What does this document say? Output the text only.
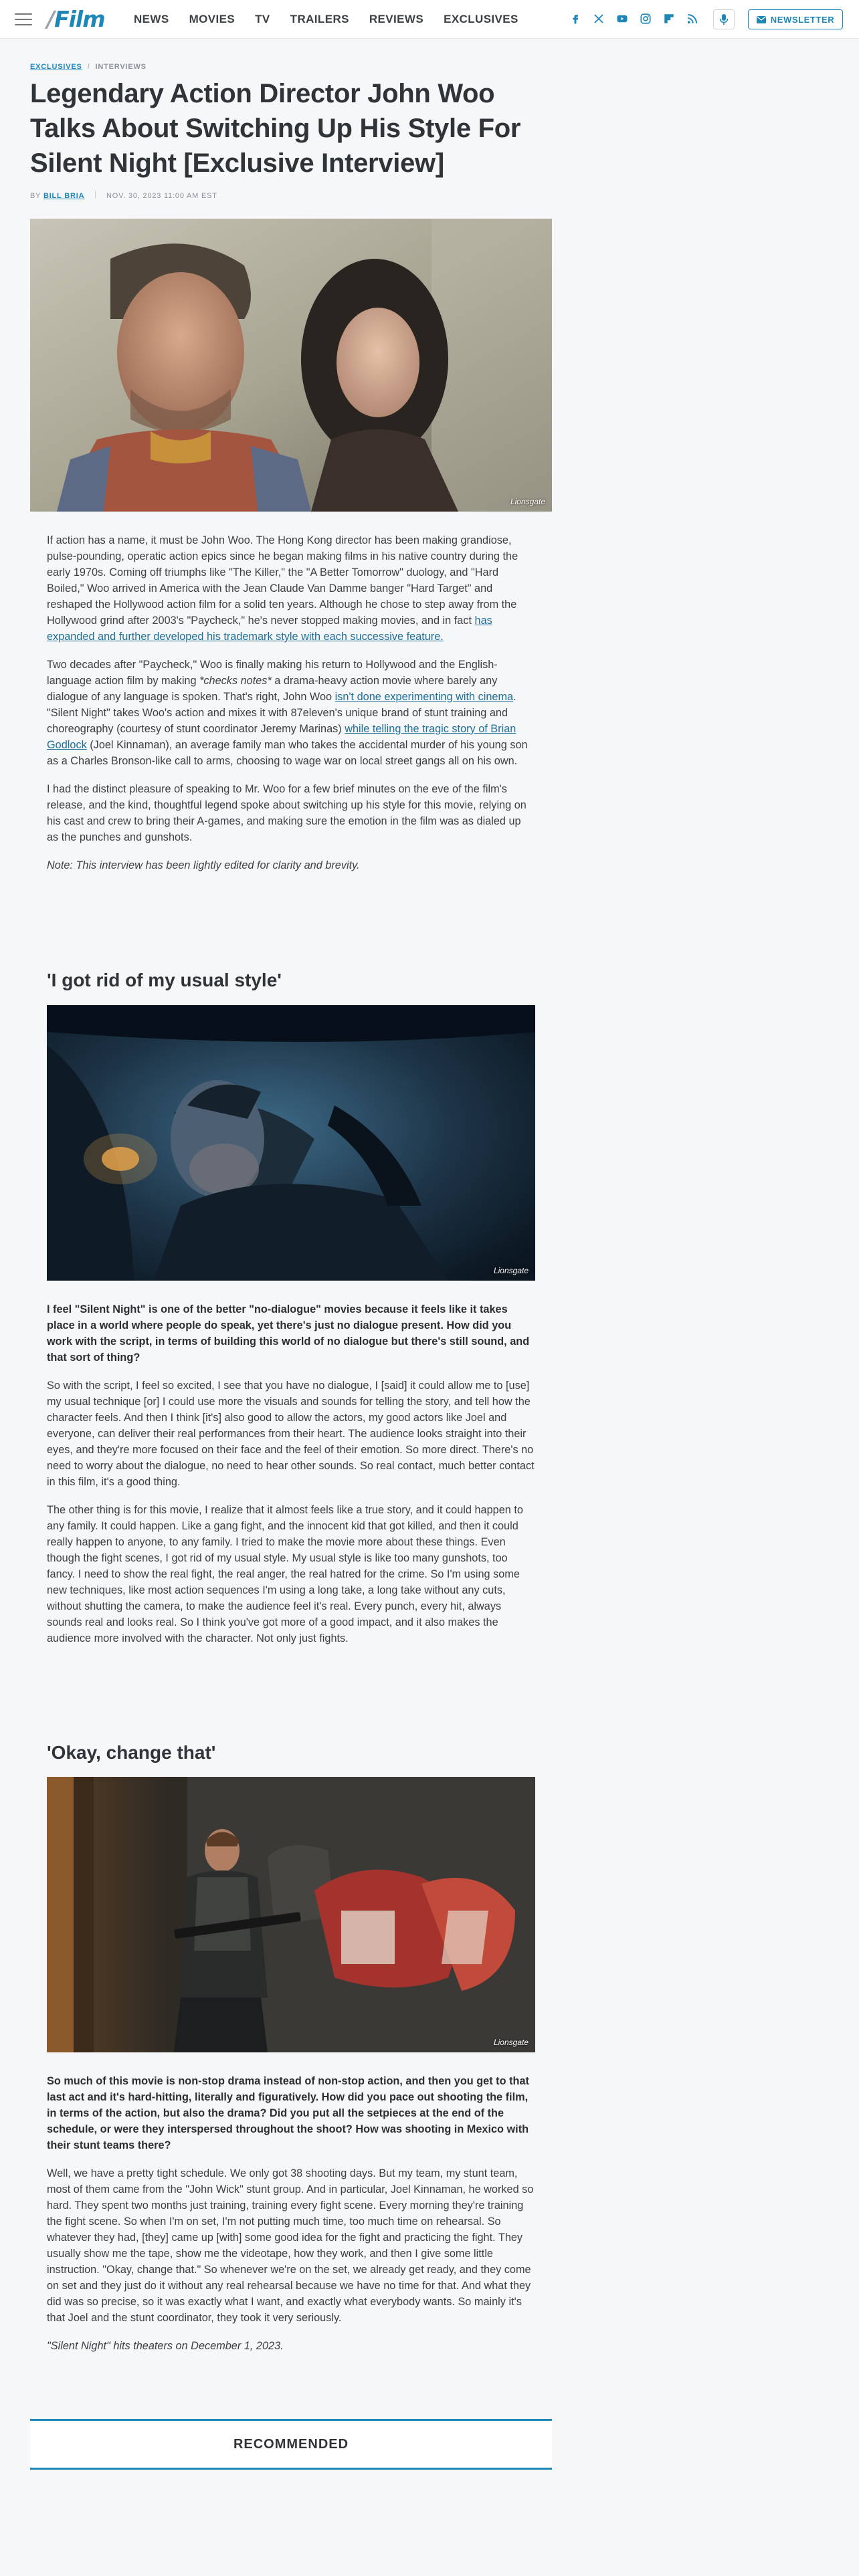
/Film	NEWS MOVIES TV TRAILERS REVIEWS EXCLUSIVES	NEWSLETTER
EXCLUSIVES / INTERVIEWS
Legendary Action Director John Woo Talks About Switching Up His Style For Silent Night [Exclusive Interview]
BY BILL BRIA	NOV. 30, 2023 11:00 AM EST
Lionsgate

If action has a name, it must be John Woo. The Hong Kong director has been making grandiose, pulse-pounding, operatic action epics since he began making films in his native country during the early 1970s. Coming off triumphs like "The Killer," the "A Better Tomorrow" duology, and "Hard Boiled," Woo arrived in America with the Jean Claude Van Damme banger "Hard Target" and reshaped the Hollywood action film for a solid ten years. Although he chose to step away from the Hollywood grind after 2003's "Paycheck," he's never stopped making movies, and in fact has expanded and further developed his trademark style with each successive feature.

Two decades after "Paycheck," Woo is finally making his return to Hollywood and the English-language action film by making *checks notes* a drama-heavy action movie where barely any dialogue of any language is spoken. That's right, John Woo isn't done experimenting with cinema. "Silent Night" takes Woo's action and mixes it with 87eleven's unique brand of stunt training and choreography (courtesy of stunt coordinator Jeremy Marinas) while telling the tragic story of Brian Godlock (Joel Kinnaman), an average family man who takes the accidental murder of his young son as a Charles Bronson-like call to arms, choosing to wage war on local street gangs all on his own.

I had the distinct pleasure of speaking to Mr. Woo for a few brief minutes on the eve of the film's release, and the kind, thoughtful legend spoke about switching up his style for this movie, relying on his cast and crew to bring their A-games, and making sure the emotion in the film was as dialed up as the punches and gunshots.

Note: This interview has been lightly edited for clarity and brevity.

'I got rid of my usual style'
Lionsgate

I feel "Silent Night" is one of the better "no-dialogue" movies because it feels like it takes place in a world where people do speak, yet there's just no dialogue present. How did you work with the script, in terms of building this world of no dialogue but there's still sound, and that sort of thing?

So with the script, I feel so excited, I see that you have no dialogue, I [said] it could allow me to [use] my usual technique [or] I could use more the visuals and sounds for telling the story, and tell how the character feels. And then I think [it's] also good to allow the actors, my good actors like Joel and everyone, can deliver their real performances from their heart. The audience looks straight into their eyes, and they're more focused on their face and the feel of their emotion. So more direct. There's no need to worry about the dialogue, no need to hear other sounds. So real contact, much better contact in this film, it's a good thing.

The other thing is for this movie, I realize that it almost feels like a true story, and it could happen to any family. It could happen. Like a gang fight, and the innocent kid that got killed, and then it could really happen to anyone, to any family. I tried to make the movie more about these things. Even though the fight scenes, I got rid of my usual style. My usual style is like too many gunshots, too fancy. I need to show the real fight, the real anger, the real hatred for the crime. So I'm using some new techniques, like most action sequences I'm using a long take, a long take without any cuts, without shutting the camera, to make the audience feel it's real. Every punch, every hit, always sounds real and looks real. So I think you've got more of a good impact, and it also makes the audience more involved with the character. Not only just fights.

'Okay, change that'
Lionsgate

So much of this movie is non-stop drama instead of non-stop action, and then you get to that last act and it's hard-hitting, literally and figuratively. How did you pace out shooting the film, in terms of the action, but also the drama? Did you put all the setpieces at the end of the schedule, or were they interspersed throughout the shoot? How was shooting in Mexico with their stunt teams there?

Well, we have a pretty tight schedule. We only got 38 shooting days. But my team, my stunt team, most of them came from the "John Wick" stunt group. And in particular, Joel Kinnaman, he worked so hard. They spent two months just training, training every fight scene. Every morning they're training the fight scene. So when I'm on set, I'm not putting much time, too much time on rehearsal. So whatever they had, [they] came up [with] some good idea for the fight and practicing the fight. They usually show me the tape, show me the videotape, how they work, and then I give some little instruction. "Okay, change that." So whenever we're on the set, we already get ready, and they come on set and they just do it without any real rehearsal because we have no time for that. And what they did was so precise, so it was exactly what I want, and exactly what everybody wants. So mainly it's that Joel and the stunt coordinator, they took it very seriously.

"Silent Night" hits theaters on December 1, 2023.

RECOMMENDED
